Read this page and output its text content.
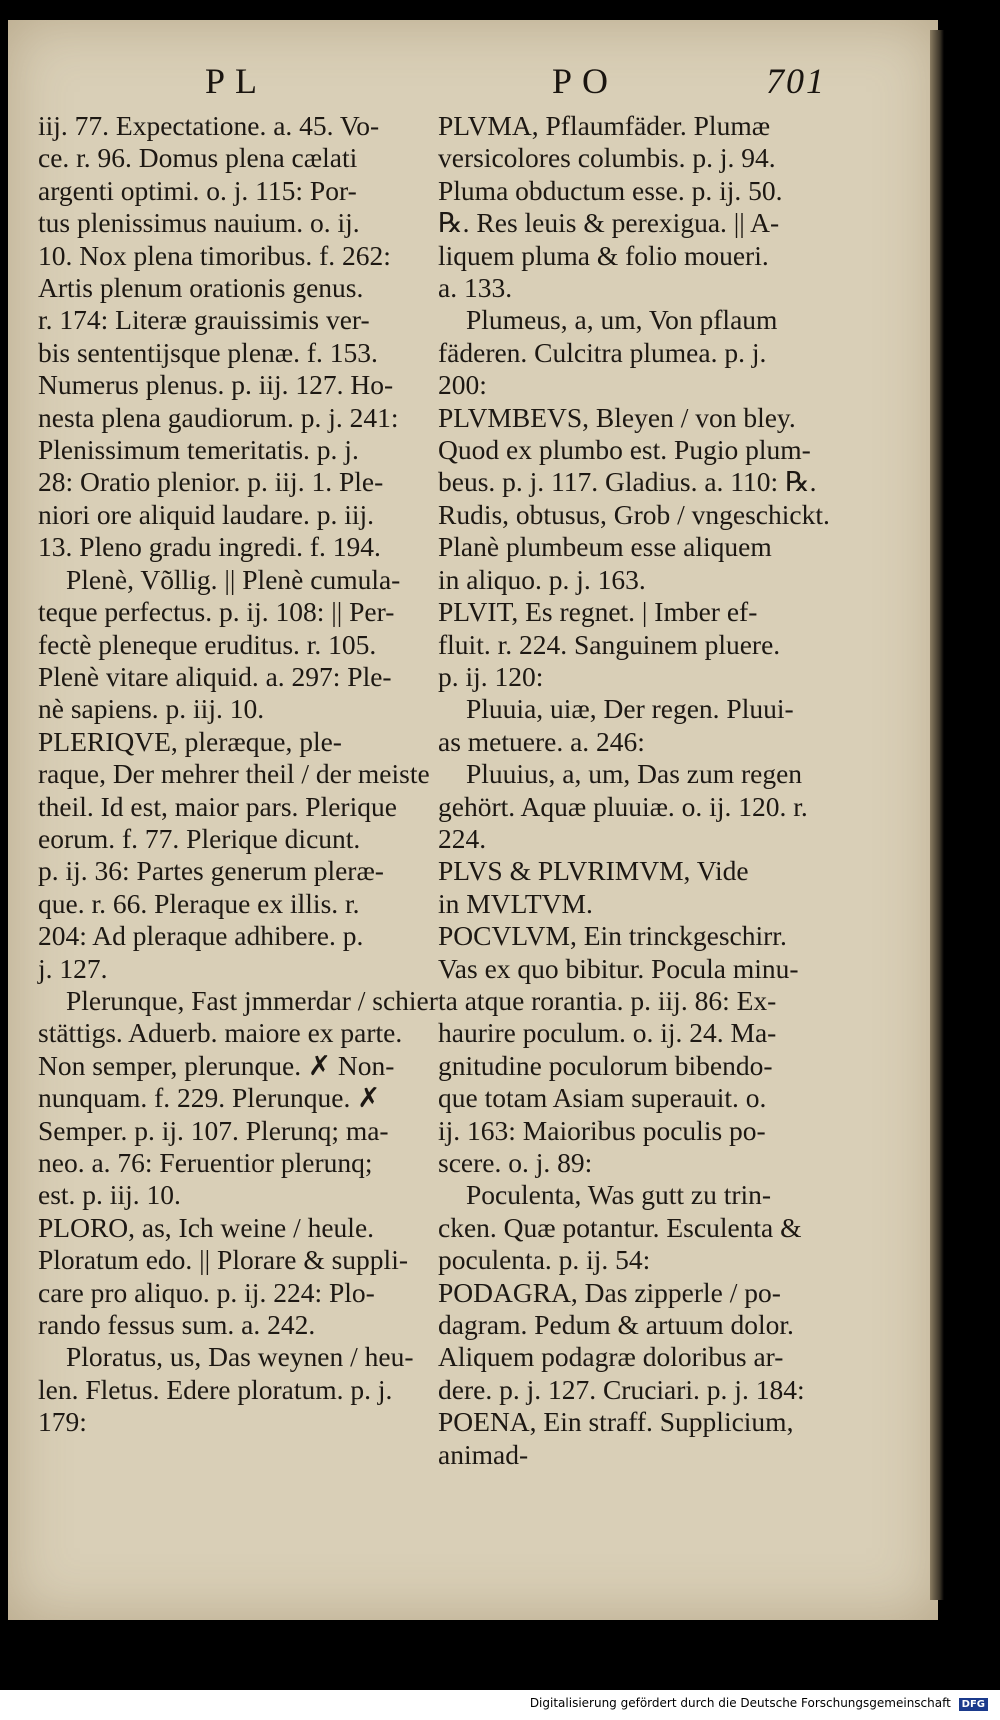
PL	PO	701

iij. 77. Expectatione. a. 45. Vo-
ce. r. 96. Domus plena cælati
argenti optimi. o. j. 115: Por-
tus plenissimus nauium. o. ij.
10. Nox plena timoribus. f. 262:
Artis plenum orationis genus.
r. 174: Literæ grauissimis ver-
bis sententijsque plenæ. f. 153.
Numerus plenus. p. iij. 127. Ho-
nesta plena gaudiorum. p. j. 241:
Plenissimum temeritatis. p. j.
28: Oratio plenior. p. iij. 1. Ple-
niori ore aliquid laudare. p. iij.
13. Pleno gradu ingredi. f. 194.

Plenè, Võllig. || Plenè cumula-
teque perfectus. p. ij. 108: || Per-
fectè pleneque eruditus. r. 105.
Plenè vitare aliquid. a. 297: Ple-
nè sapiens. p. iij. 10.

PLERIQVE, pleræque, ple-
raque, Der mehrer theil / der meiste
theil. Id est, maior pars. Plerique
eorum. f. 77. Plerique dicunt.
p. ij. 36: Partes generum pleræ-
que. r. 66. Pleraque ex illis. r.
204: Ad pleraque adhibere. p.
j. 127.

Plerunque, Fast jmmerdar / schier
stättigs. Aduerb. maiore ex parte.
Non semper, plerunque. ✗ Non-
nunquam. f. 229. Plerunque. ✗
Semper. p. ij. 107. Plerunq; ma-
neo. a. 76: Feruentior plerunq;
est. p. iij. 10.

PLORO, as, Ich weine / heule.
Ploratum edo. || Plorare & suppli-
care pro aliquo. p. ij. 224: Plo-
rando fessus sum. a. 242.

Ploratus, us, Das weynen / heu-
len. Fletus. Edere ploratum. p. j.
179:

PLVMA, Pflaumfäder. Plumæ
versicolores columbis. p. j. 94.
Pluma obductum esse. p. ij. 50.
℞. Res leuis & perexigua. || A-
liquem pluma & folio moueri.
a. 133.

Plumeus, a, um, Von pflaum
fäderen. Culcitra plumea. p. j.
200:

PLVMBEVS, Bleyen / von bley.
Quod ex plumbo est. Pugio plum-
beus. p. j. 117. Gladius. a. 110: ℞.
Rudis, obtusus, Grob / vngeschickt.
Planè plumbeum esse aliquem
in aliquo. p. j. 163.

PLVIT, Es regnet. | Imber ef-
fluit. r. 224. Sanguinem pluere.
p. ij. 120:

Pluuia, uiæ, Der regen. Pluui-
as metuere. a. 246:

Pluuius, a, um, Das zum regen
gehört. Aquæ pluuiæ. o. ij. 120. r.
224.

PLVS & PLVRIMVM, Vide
in MVLTVM.

POCVLVM, Ein trinckgeschirr.
Vas ex quo bibitur. Pocula minu-
ta atque rorantia. p. iij. 86: Ex-
haurire poculum. o. ij. 24. Ma-
gnitudine poculorum bibendo-
que totam Asiam superauit. o.
ij. 163: Maioribus poculis po-
scere. o. j. 89:

Poculenta, Was gutt zu trin-
cken. Quæ potantur. Esculenta &
poculenta. p. ij. 54:

PODAGRA, Das zipperle / po-
dagram. Pedum & artuum dolor.
Aliquem podagræ doloribus ar-
dere. p. j. 127. Cruciari. p. j. 184:

POENA, Ein straff. Supplicium,
animad-

Digitalisierung gefördert durch die Deutsche Forschungsgemeinschaft DFG
